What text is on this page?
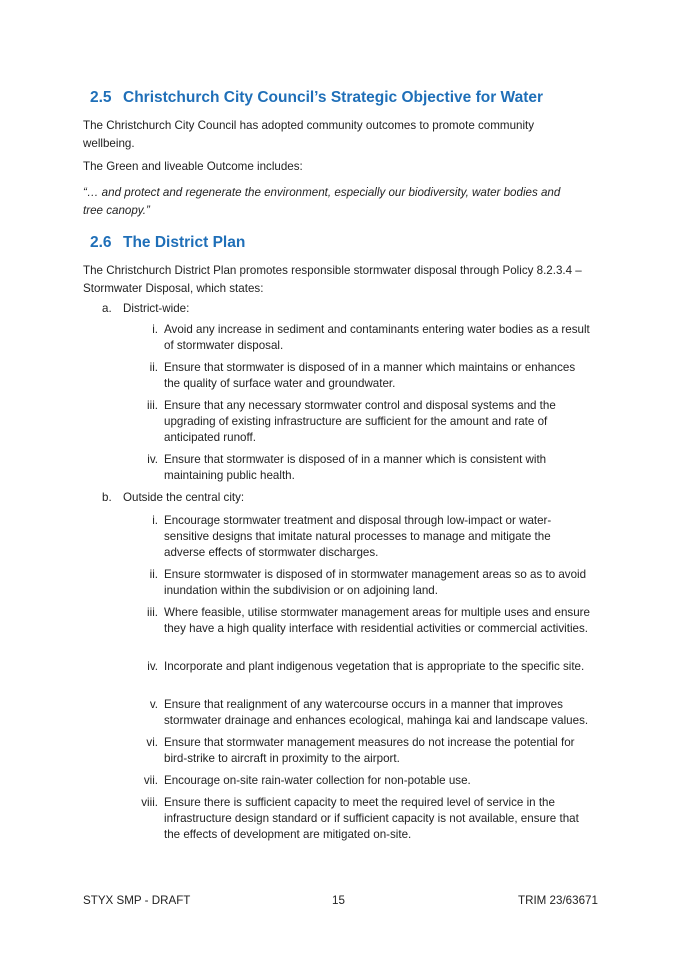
2.5 Christchurch City Council’s Strategic Objective for Water

The Christchurch City Council has adopted community outcomes to promote community wellbeing.

The Green and liveable Outcome includes:

“… and protect and regenerate the environment, especially our biodiversity, water bodies and tree canopy.”

2.6 The District Plan

The Christchurch District Plan promotes responsible stormwater disposal through Policy 8.2.3.4 – Stormwater Disposal, which states:

a. District-wide:
i. Avoid any increase in sediment and contaminants entering water bodies as a result of stormwater disposal.
ii. Ensure that stormwater is disposed of in a manner which maintains or enhances the quality of surface water and groundwater.
iii. Ensure that any necessary stormwater control and disposal systems and the upgrading of existing infrastructure are sufficient for the amount and rate of anticipated runoff.
iv. Ensure that stormwater is disposed of in a manner which is consistent with maintaining public health.
b. Outside the central city:
i. Encourage stormwater treatment and disposal through low-impact or water-sensitive designs that imitate natural processes to manage and mitigate the adverse effects of stormwater discharges.
ii. Ensure stormwater is disposed of in stormwater management areas so as to avoid inundation within the subdivision or on adjoining land.
iii. Where feasible, utilise stormwater management areas for multiple uses and ensure they have a high quality interface with residential activities or commercial activities.
iv. Incorporate and plant indigenous vegetation that is appropriate to the specific site.
v. Ensure that realignment of any watercourse occurs in a manner that improves stormwater drainage and enhances ecological, mahinga kai and landscape values.
vi. Ensure that stormwater management measures do not increase the potential for bird-strike to aircraft in proximity to the airport.
vii. Encourage on-site rain-water collection for non-potable use.
viii. Ensure there is sufficient capacity to meet the required level of service in the infrastructure design standard or if sufficient capacity is not available, ensure that the effects of development are mitigated on-site.
STYX SMP - DRAFT	15	TRIM 23/63671
